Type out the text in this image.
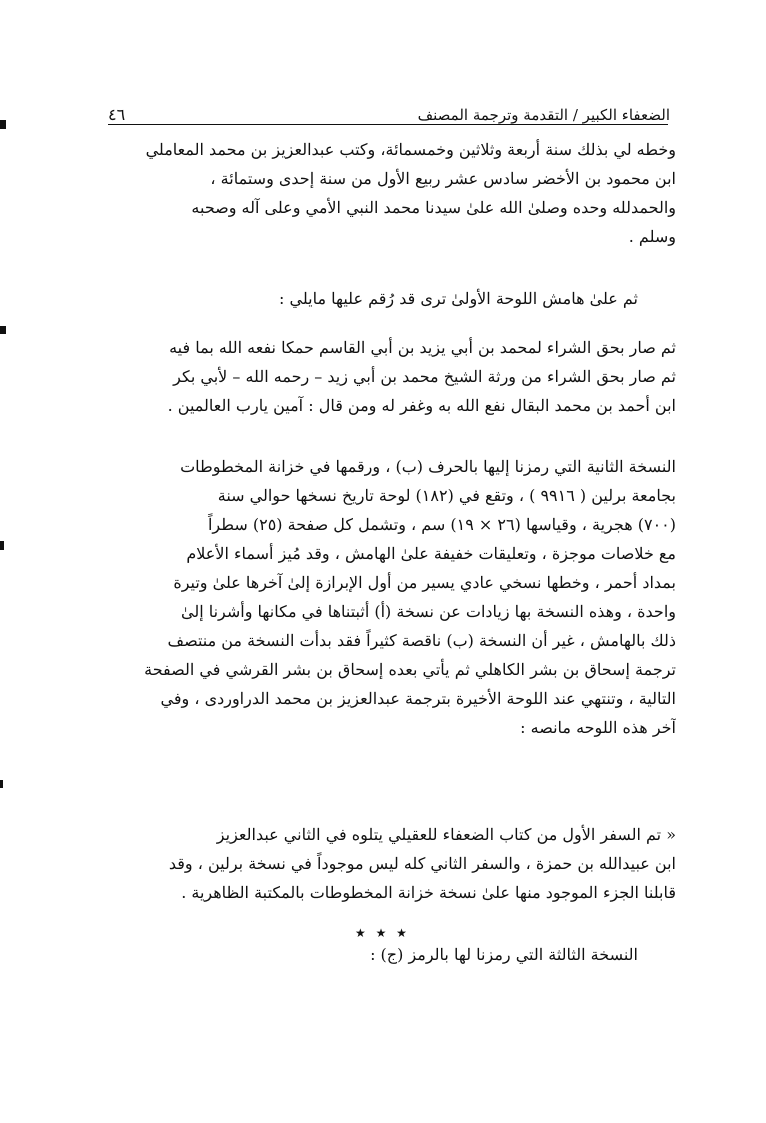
٤٦	الضعفاء الكبير / التقدمة وترجمة المصنف
وخطه لي بذلك سنة أربعة وثلاثين وخمسمائة، وكتب عبدالعزيز بن محمد المعاملي
ابن محمود بن الأخضر سادس عشر ربيع الأول من سنة إحدى وستمائة ،
والحمدلله وحده وصلىٰ الله علىٰ سيدنا محمد النبي الأمي وعلى آله وصحبه
وسلم .
ثم علىٰ هامش اللوحة الأولىٰ ترى قد رُقم عليها مايلي :
ثم صار بحق الشراء لمحمد بن أبي يزيد بن أبي القاسم حمكا نفعه الله بما فيه
ثم صار بحق الشراء من ورثة الشيخ محمد بن أبي زيد – رحمه الله – لأبي بكر
ابن أحمد بن محمد البقال نفع الله به وغفر له ومن قال : آمين يارب العالمين .
النسخة الثانية التي رمزنا إليها بالحرف (ب) ، ورقمها في خزانة المخطوطات
بجامعة برلين ( ٩٩١٦ ) ، وتقع في (١٨٢) لوحة تاريخ نسخها حوالي سنة
(٧٠٠) هجرية ، وقياسها (٢٦ × ١٩) سم ، وتشمل كل صفحة (٢٥) سطراً
مع خلاصات موجزة ، وتعليقات خفيفة علىٰ الهامش ، وقد مُيز أسماء الأعلام
بمداد أحمر ، وخطها نسخي عادي يسير من أول الإبرازة إلىٰ آخرها علىٰ وتيرة
واحدة ، وهذه النسخة بها زيادات عن نسخة (أ) أثبتناها في مكانها وأشرنا إلىٰ
ذلك بالهامش ، غير أن النسخة (ب) ناقصة كثيراً فقد بدأت النسخة من منتصف
ترجمة إسحاق بن بشر الكاهلي ثم يأتي بعده إسحاق بن بشر القرشي في الصفحة
التالية ، وتنتهي عند اللوحة الأخيرة بترجمة عبدالعزيز بن محمد الدراوردى ، وفي
آخر هذه اللوحه مانصه :
« تم السفر الأول من كتاب الضعفاء للعقيلي يتلوه في الثاني عبدالعزيز
ابن عبيدالله بن حمزة ، والسفر الثاني كله ليس موجوداً في نسخة برلين ، وقد
قابلنا الجزء الموجود منها علىٰ نسخة خزانة المخطوطات بالمكتبة الظاهرية .
★ ★ ★
النسخة الثالثة التي رمزنا لها بالرمز (ج) :
